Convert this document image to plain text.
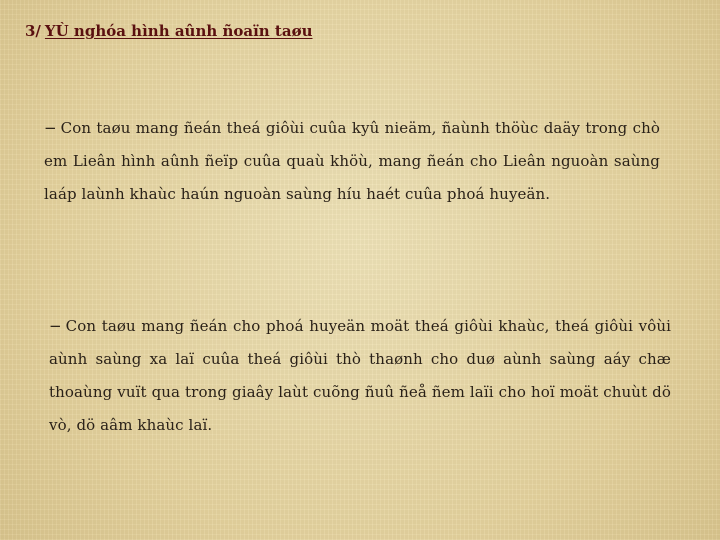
3/ YÙ nghóa hình aûnh ñoaïn taøu
− Con taøu mang ñeán theá giôùi cuûa kyû nieäm, ñaùnh thöùc daäy trong chò em Lieân hình aûnh ñeïp cuûa quaù khöù, mang ñeán cho Lieân nguoàn saùng laáp laùnh khaùc haún nguoàn saùng híu haét cuûa phoá huyeän.
− Con taøu mang ñeán cho phoá huyeän moät theá giôùi khaùc, theá giôùi vôùi aùnh saùng xa laï cuûa theá giôùi thò thaønh cho duø aùnh saùng aáy chæ thoaùng vuït qua trong giaây laùt cuõng ñuû ñeå ñem laïi cho hoï moät chuùt dö vò, dö aâm khaùc laï.
